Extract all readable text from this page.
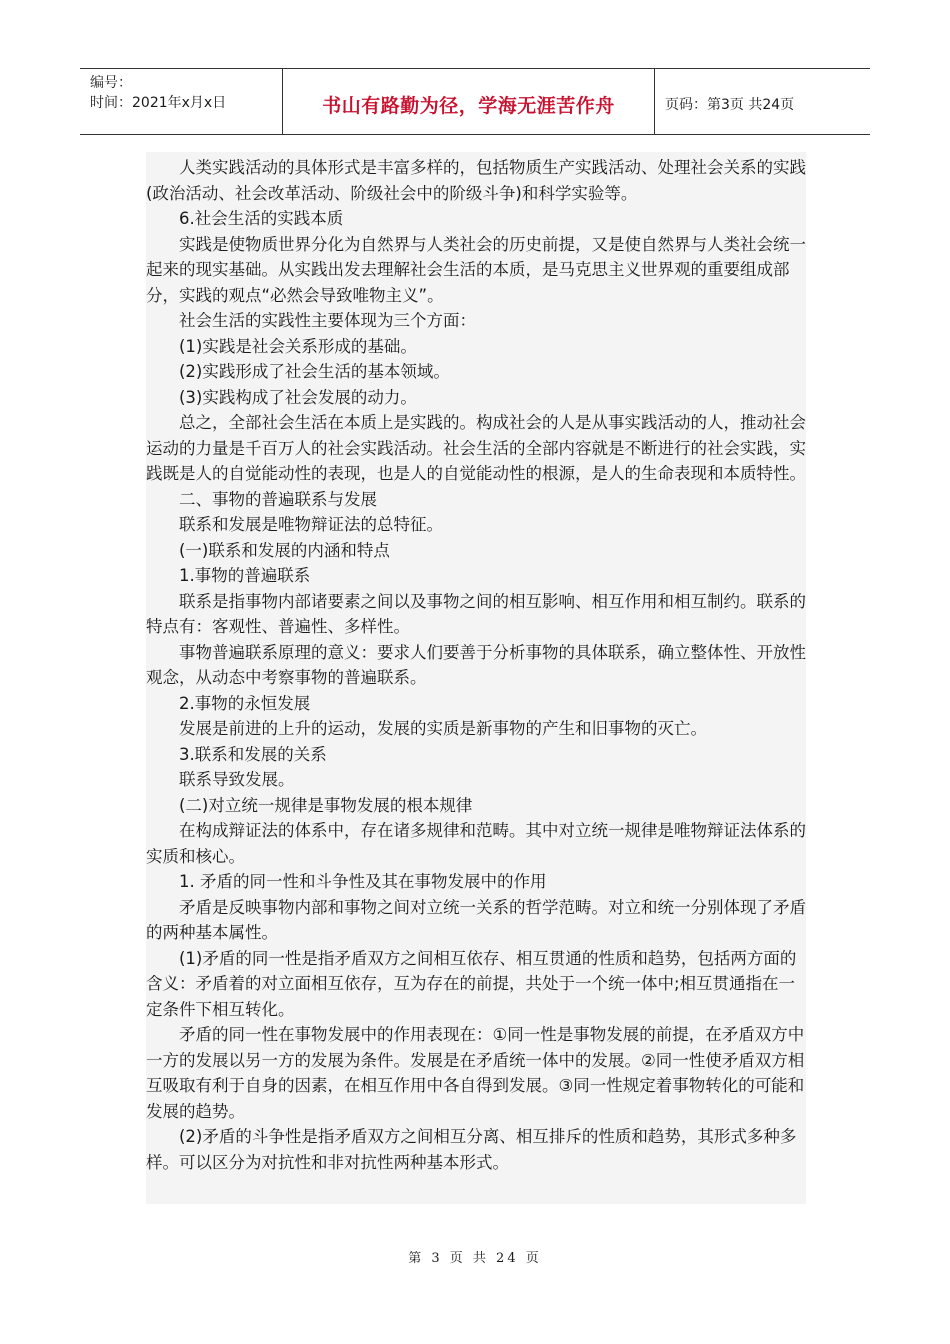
编号：
时间：2021年x月x日	书山有路勤为径，学海无涯苦作舟	页码：第3页 共24页

人类实践活动的具体形式是丰富多样的，包括物质生产实践活动、处理社会关系的实践(政治活动、社会改革活动、阶级社会中的阶级斗争)和科学实验等。

6.社会生活的实践本质

实践是使物质世界分化为自然界与人类社会的历史前提，又是使自然界与人类社会统一起来的现实基础。从实践出发去理解社会生活的本质，是马克思主义世界观的重要组成部分，实践的观点“必然会导致唯物主义”。

社会生活的实践性主要体现为三个方面：

(1)实践是社会关系形成的基础。

(2)实践形成了社会生活的基本领域。

(3)实践构成了社会发展的动力。

总之，全部社会生活在本质上是实践的。构成社会的人是从事实践活动的人，推动社会运动的力量是千百万人的社会实践活动。社会生活的全部内容就是不断进行的社会实践，实践既是人的自觉能动性的表现，也是人的自觉能动性的根源，是人的生命表现和本质特性。

二、事物的普遍联系与发展

联系和发展是唯物辩证法的总特征。

(一)联系和发展的内涵和特点

1.事物的普遍联系

联系是指事物内部诸要素之间以及事物之间的相互影响、相互作用和相互制约。联系的特点有：客观性、普遍性、多样性。

事物普遍联系原理的意义：要求人们要善于分析事物的具体联系，确立整体性、开放性观念，从动态中考察事物的普遍联系。

2.事物的永恒发展

发展是前进的上升的运动，发展的实质是新事物的产生和旧事物的灭亡。

3.联系和发展的关系

联系导致发展。

(二)对立统一规律是事物发展的根本规律

在构成辩证法的体系中，存在诸多规律和范畴。其中对立统一规律是唯物辩证法体系的实质和核心。

1. 矛盾的同一性和斗争性及其在事物发展中的作用

矛盾是反映事物内部和事物之间对立统一关系的哲学范畴。对立和统一分别体现了矛盾的两种基本属性。

(1)矛盾的同一性是指矛盾双方之间相互依存、相互贯通的性质和趋势，包括两方面的含义：矛盾着的对立面相互依存，互为存在的前提，共处于一个统一体中;相互贯通指在一定条件下相互转化。

矛盾的同一性在事物发展中的作用表现在：①同一性是事物发展的前提，在矛盾双方中一方的发展以另一方的发展为条件。发展是在矛盾统一体中的发展。②同一性使矛盾双方相互吸取有利于自身的因素，在相互作用中各自得到发展。③同一性规定着事物转化的可能和发展的趋势。

(2)矛盾的斗争性是指矛盾双方之间相互分离、相互排斥的性质和趋势，其形式多种多样。可以区分为对抗性和非对抗性两种基本形式。

第 3 页 共 24 页
